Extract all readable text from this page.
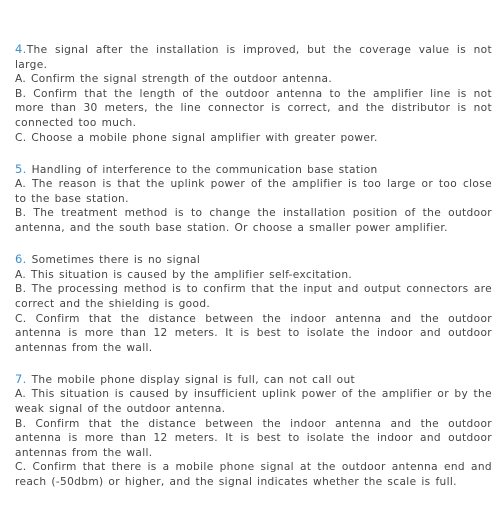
4.The signal after the installation is improved, but the coverage value is not large.

A. Confirm the signal strength of the outdoor antenna.

B. Confirm that the length of the outdoor antenna to the amplifier line is not more than 30 meters, the line connector is correct, and the distributor is not connected too much.

C. Choose a mobile phone signal amplifier with greater power.

5. Handling of interference to the communication base station

A. The reason is that the uplink power of the amplifier is too large or too close to the base station.

B. The treatment method is to change the installation position of the outdoor antenna, and the south base station. Or choose a smaller power amplifier.

6. Sometimes there is no signal

A. This situation is caused by the amplifier self-excitation.

B. The processing method is to confirm that the input and output connectors are correct and the shielding is good.

C. Confirm that the distance between the indoor antenna and the outdoor antenna is more than 12 meters. It is best to isolate the indoor and outdoor antennas from the wall.

7. The mobile phone display signal is full, can not call out

A. This situation is caused by insufficient uplink power of the amplifier or by the weak signal of the outdoor antenna.

B. Confirm that the distance between the indoor antenna and the outdoor antenna is more than 12 meters. It is best to isolate the indoor and outdoor antennas from the wall.

C. Confirm that there is a mobile phone signal at the outdoor antenna end and reach (-50dbm) or higher, and the signal indicates whether the scale is full.
